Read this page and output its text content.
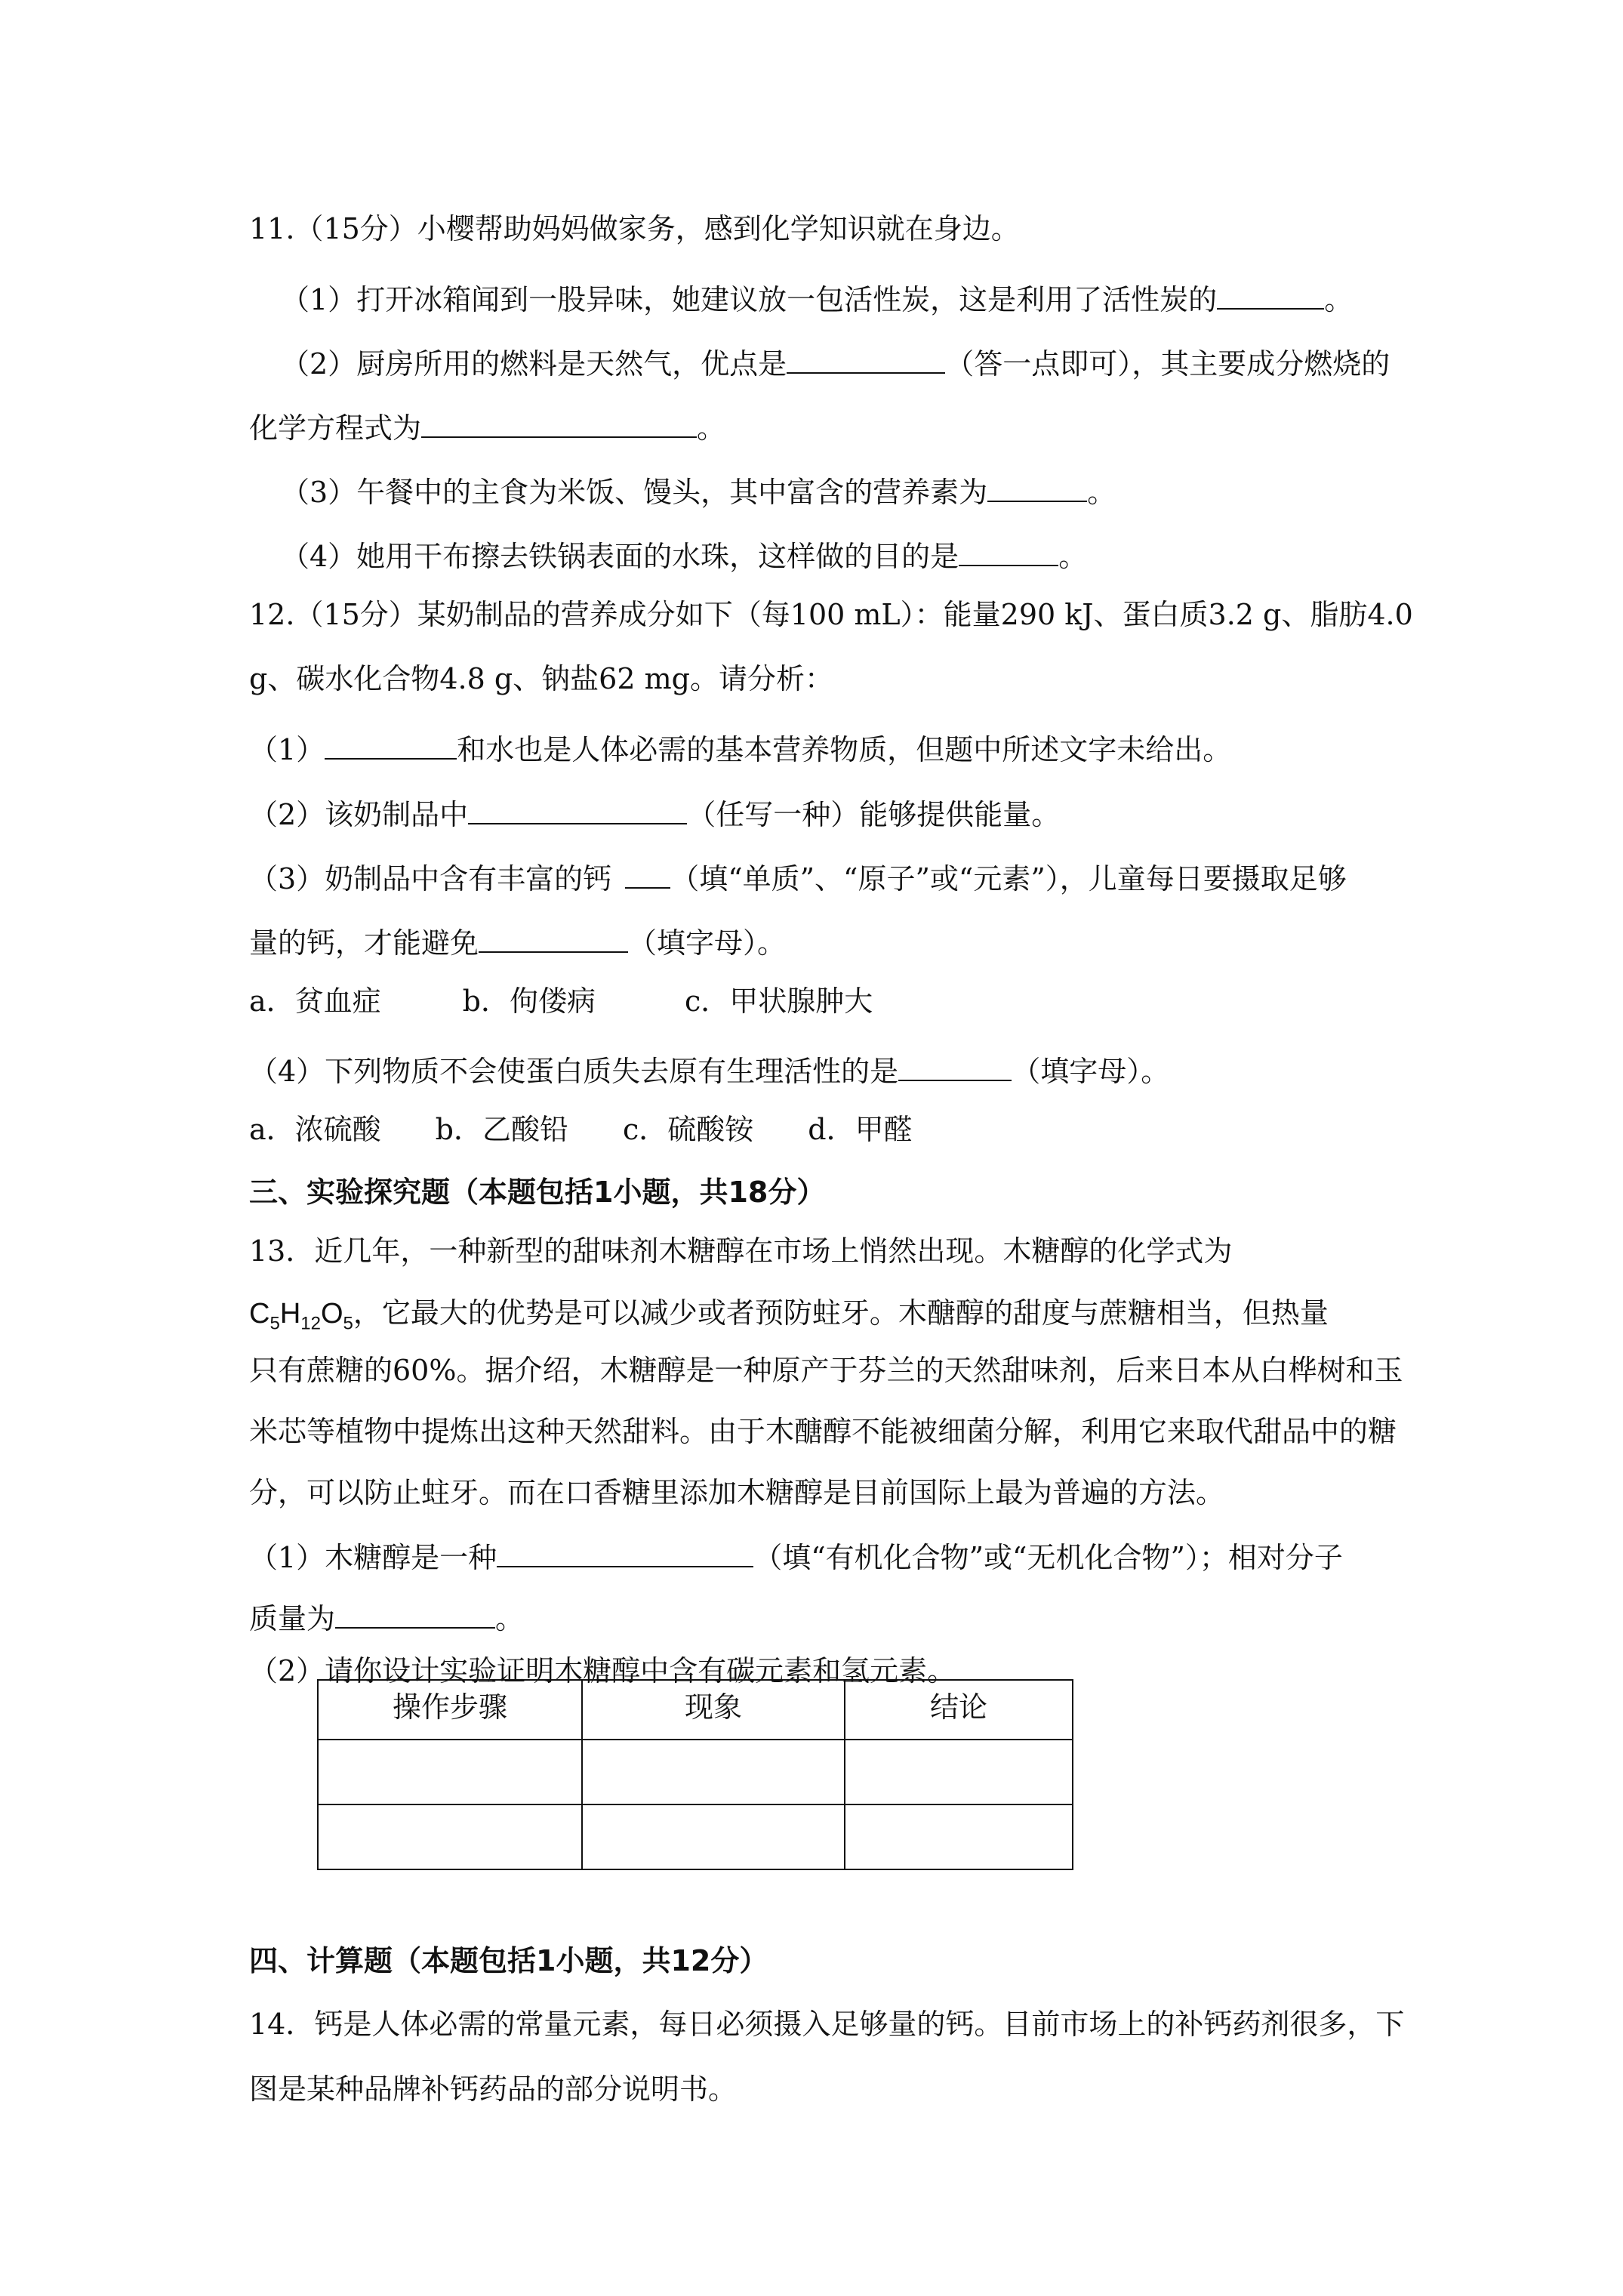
11.（15分）小樱帮助妈妈做家务，感到化学知识就在身边。
（1）打开冰箱闻到一股异味，她建议放一包活性炭，这是利用了活性炭的	。
（2）厨房所用的燃料是天然气，优点是	（答一点即可），其主要成分燃烧的
化学方程式为	。
（3）午餐中的主食为米饭、馒头，其中富含的营养素为	。
（4）她用干布擦去铁锅表面的水珠，这样做的目的是	。
12.（15分）某奶制品的营养成分如下（每100 mL）：能量290 kJ、蛋白质3.2 g、脂肪4.0
g、碳水化合物4.8 g、钠盐62 mg。请分析：
（1）	和水也是人体必需的基本营养物质，但题中所述文字未给出。
（2）该奶制品中	（任写一种）能够提供能量。
（3）奶制品中含有丰富的钙 （填“单质”、“原子”或“元素”），儿童每日要摄取足够
量的钙，才能避免	（填字母）。
a．贫血症	b．佝偻病	c．甲状腺肿大
（4）下列物质不会使蛋白质失去原有生理活性的是	（填字母）。
a．浓硫酸 b．乙酸铅 c．硫酸铵 d．甲醛
三、实验探究题（本题包括1小题，共18分）
13．近几年，一种新型的甜味剂木糖醇在市场上悄然出现。木糖醇的化学式为
$C_5H_{12}O_5$，它最大的优势是可以减少或者预防蛀牙。木醣醇的甜度与蔗糖相当，但热量
只有蔗糖的60%。据介绍，木糖醇是一种原产于芬兰的天然甜味剂，后来日本从白桦树和玉
米芯等植物中提炼出这种天然甜料。由于木醣醇不能被细菌分解，利用它来取代甜品中的糖
分，可以防止蛀牙。而在口香糖里添加木糖醇是目前国际上最为普遍的方法。
（1）木糖醇是一种	（填“有机化合物”或“无机化合物”）；相对分子
质量为	。
（2）请你设计实验证明木糖醇中含有碳元素和氢元素。
操作步骤	现象	结论

四、计算题（本题包括1小题，共12分）
14．钙是人体必需的常量元素，每日必须摄入足够量的钙。目前市场上的补钙药剂很多，下
图是某种品牌补钙药品的部分说明书。
